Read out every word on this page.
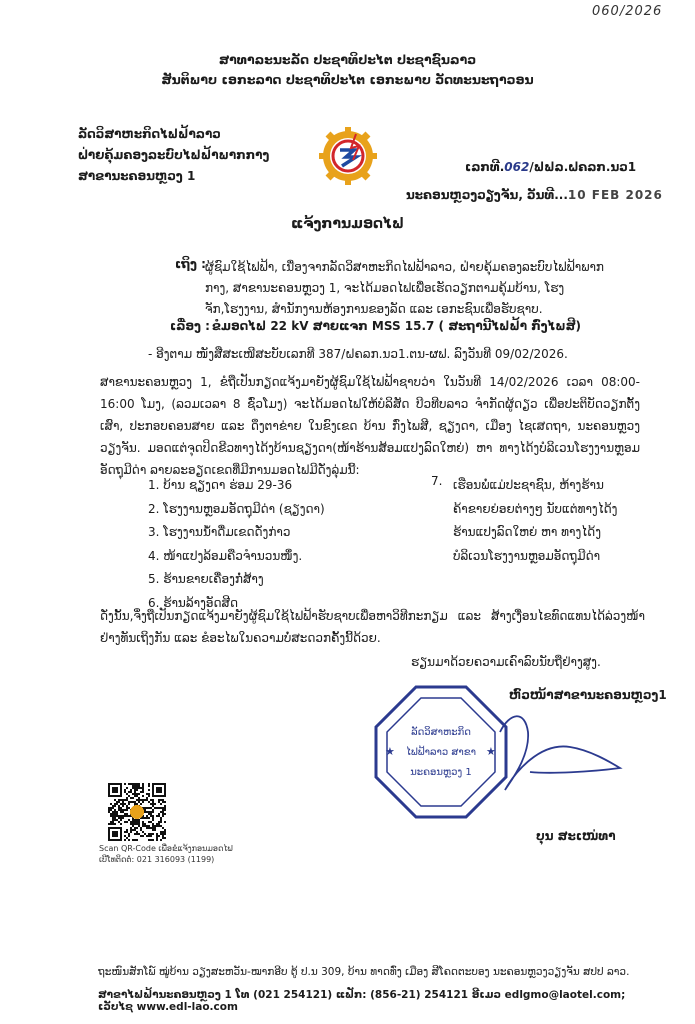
060/2026
ສາທາລະນະລັດ ປະຊາທິປະໄຕ ປະຊາຊົນລາວ
ສັນຕິພາບ ເອກະລາດ ປະຊາທິປະໄຕ ເອກະພາບ ວັດທະນະຖາວອນ
ລັດວິສາຫະກິດໄຟຟ້າລາວ
ຝ່າຍຄຸ້ມຄອງລະບົບໄຟຟ້າພາກກາງ
ສາຂານະຄອນຫຼວງ 1
ເລກທີ.062/ຟຟລ.ຝຄລກ.ນວ1
ນະຄອນຫຼວງວຽງຈັນ, ວັນທີ...10 FEB 2026
ແຈ້ງການມອດໄຟ
ເຖິງ : ຜູ້ຊົມໃຊ້ໄຟຟ້າ, ເນື່ອງຈາກລັດວິສາຫະກິດໄຟຟ້າລາວ, ຝ່າຍຄຸ້ມຄອງລະບົບໄຟຟ້າພາກກາງ, ສາຂານະຄອນຫຼວງ 1, ຈະໄດ້ມອດໄຟເພື່ອເຮັດວຽກຕາມຄຸ້ມບ້ານ, ໂຮງຈັກ,ໂຮງງານ, ສໍານັກງານຫ້ອງການຂອງລັດ ແລະ ເອກະຊົນເພື່ອຮັບຊາບ.
ເລື່ອງ : ຂໍມອດໄຟ 22 kV ສາຍແຈກ MSS 15.7 ( ສະຖານີໄຟຟ້າ ກົ່ງໄພສີ)
- ອີງຕາມ ໜັງສືສະເໜີສະບັບເລກທີ 387/ຝຄລກ.ນວ1.ຕນ-ຜຟ. ລົງວັນທີ 09/02/2026.
ສາຂານະຄອນຫຼວງ 1, ຂໍຖືເປັນກຽດແຈ້ງມາຍັງຜູ້ຊົມໃຊ້ໄຟຟ້າຊາບວ່າ ໃນວັນທີ 14/02/2026 ເວລາ 08:00-16:00 ໂມງ, (ລວມເວລາ 8 ຊົ່ວໂມງ) ຈະໄດ້ມອດໄຟໃຫ້ບໍລິສັດ ບີວທີບລາວ ຈໍາກັດຜູ້ດຽວ ເພື່ອປະຕິບັດວຽກຕັ້ງເສົາ, ປະກອບຄອນສາຍ ແລະ ດຶງຕາຂ່າຍ ໃນຂົງເຂດ ບ້ານ ກົ່ງໄພສີ, ຊຽງດາ, ເມືອງ ໄຊເສດຖາ, ນະຄອນຫຼວງວຽງຈັນ. ມອດແຕ່ຈຸດປິດຂີວທາງໄດ້ງບ້ານຊຽງດາ(ໜ້າຮ້ານສ້ອມແປງລົດໃຫຍ່) ຫາ ທາງໄດ້ງບໍລິເວນໂຮງງານຫຼອມອັດຖຸມີດ່າ ລາຍລະອຽດເຂດທີ່ມີການມອດໄຟມີດັ່ງລຸ່ມນີ້:
1. ບ້ານ ຊຽງດາ ຮ່ອມ 29-36
2. ໂຮງງານຫຼອມອັດຖຸມີດ່າ (ຊຽງດາ)
3. ໂຮງງານນໍ້າດື່ມເຂດດັ່ງກ່າວ
4. ໜ້າແປງລ້ອມຄືວຈໍານວນໜຶ່ງ.
5. ຮ້ານຂາຍເຄື່ອງກໍ່ສ້າງ
6. ຮ້ານລ້າງອັດສີດ
7. ເຮືອນພໍ່ແມ່ປະຊາຊົນ, ຫ້າງຮ້ານ ຄ້າຂາຍຍ່ອຍຕ່າງໆ ນັບແຕ່ທາງໄດ້ງຮ້ານແປງລົດໃຫຍ່ ຫາ ທາງໄດ້ງບໍລິເວນໂຮງງານຫຼອມອັດຖຸມີດ່າ
ດັ່ງນັ້ນ,ຈຶ່ງຖືເປັນກຽດແຈ້ງມາຍັງຜູ້ຊົມໃຊ້ໄຟຟ້າຮັບຊາບເພື່ອຫາວິທີກະກຽມ ແລະ ສ້າງເງື່ອນໄຂທົດແທນໄດ້ລ່ວງໜ້າຢ່າງທັນເຖິງກັນ ແລະ ຂໍອະໄພໃນຄວາມບໍ່ສະດວກຄັ້ງນີ້ດ້ວຍ.
ຮຽນມາດ້ວຍຄວາມເຄົາລົບນັບຖືຢ່າງສູງ.
★	★
ລັດວິສາຫະກິດ
ໄຟຟ້າລາວ ສາຂາ
ນະຄອນຫຼວງ 1
ຫົວໜ້າສາຂານະຄອນຫຼວງ1
ບຸນ ສະເໜ່ທາ
Scan QR-Code ເພື່ອຂໍແຈ້ງກອນມອດໄຟ
ເບີໂທຕິດຕໍ່: 021 316093 (1199)
ຖະໜົນສັກໂພ໌ ໝູ່ບ້ານ ວຽງສະຫວັນ-ໝາກອີບ ຕູ້ ປ.ນ 309, ບ້ານ ທາດທົ່ງ ເມືອງ ສີໂຄດຕະບອງ ນະຄອນຫຼວງວຽງຈັນ ສປປ ລາວ.
ສາຂາໄຟຟ້ານະຄອນຫຼວງ 1 ໂທ (021 254121) ແຟັກ: (856-21) 254121 ອີເມວ edlgmo@laotel.com; ເວັບໄຊ www.edl-lao.com
